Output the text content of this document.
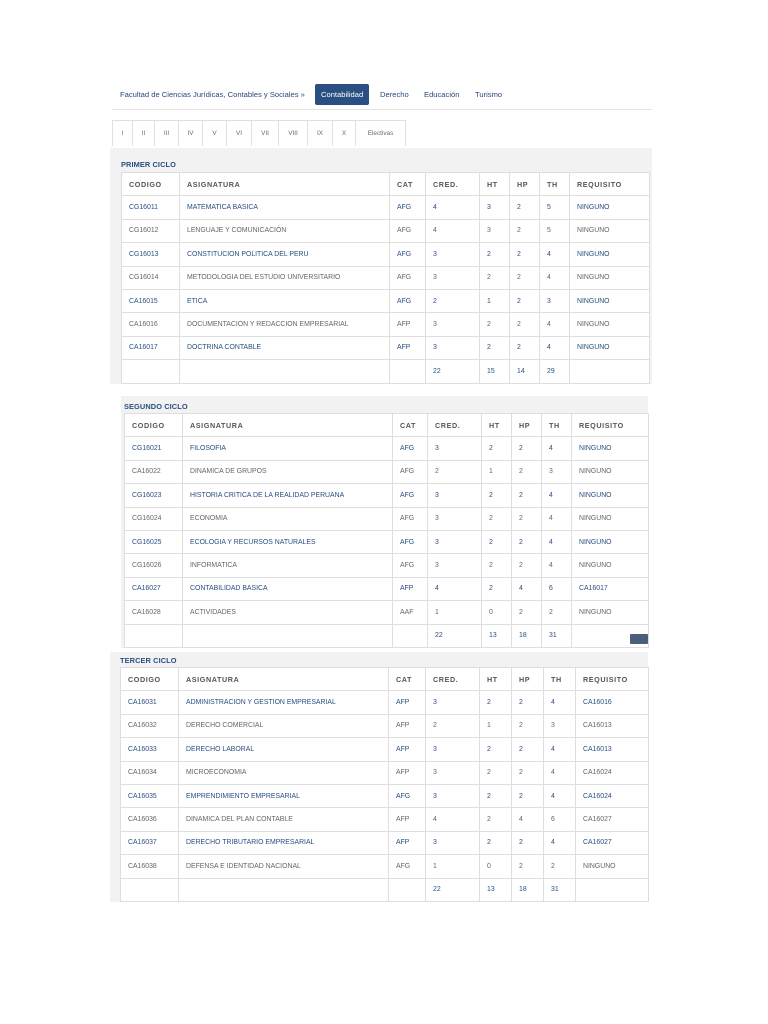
Facultad de Ciencias Jurídicas, Contables y Sociales »	Contabilidad	Derecho	Educación	Turismo
I	II	III	IV	V	VI	VII	VIII	IX	X	Electivas
PRIMER CICLO
CODIGO	ASIGNATURA	CAT	CRED.	HT	HP	TH	REQUISITO
CG16011	MATEMATICA BASICA	AFG	4	3	2	5	NINGUNO
CG16012	LENGUAJE Y COMUNICACIÓN	AFG	4	3	2	5	NINGUNO
CG16013	CONSTITUCION POLITICA DEL PERU	AFG	3	2	2	4	NINGUNO
CG16014	METODOLOGIA DEL ESTUDIO UNIVERSITARIO	AFG	3	2	2	4	NINGUNO
CA16015	ETICA	AFG	2	1	2	3	NINGUNO
CA16016	DOCUMENTACION Y REDACCION EMPRESARIAL	AFP	3	2	2	4	NINGUNO
CA16017	DOCTRINA CONTABLE	AFP	3	2	2	4	NINGUNO
			22	15	14	29	
SEGUNDO CICLO
CODIGO	ASIGNATURA	CAT	CRED.	HT	HP	TH	REQUISITO
CG16021	FILOSOFIA	AFG	3	2	2	4	NINGUNO
CA16022	DINAMICA DE GRUPOS	AFG	2	1	2	3	NINGUNO
CG16023	HISTORIA CRITICA DE LA REALIDAD PERUANA	AFG	3	2	2	4	NINGUNO
CG16024	ECONOMIA	AFG	3	2	2	4	NINGUNO
CG16025	ECOLOGIA Y RECURSOS NATURALES	AFG	3	2	2	4	NINGUNO
CG16026	INFORMATICA	AFG	3	2	2	4	NINGUNO
CA16027	CONTABILIDAD BASICA	AFP	4	2	4	6	CA16017
CA16028	ACTIVIDADES	AAF	1	0	2	2	NINGUNO
			22	13	18	31	
TERCER CICLO
CODIGO	ASIGNATURA	CAT	CRED.	HT	HP	TH	REQUISITO
CA16031	ADMINISTRACION Y GESTION EMPRESARIAL	AFP	3	2	2	4	CA16016
CA16032	DERECHO COMERCIAL	AFP	2	1	2	3	CA16013
CA16033	DERECHO LABORAL	AFP	3	2	2	4	CA16013
CA16034	MICROECONOMIA	AFP	3	2	2	4	CA16024
CA16035	EMPRENDIMIENTO EMPRESARIAL	AFG	3	2	2	4	CA16024
CA16036	DINAMICA DEL PLAN CONTABLE	AFP	4	2	4	6	CA16027
CA16037	DERECHO TRIBUTARIO EMPRESARIAL	AFP	3	2	2	4	CA16027
CA16038	DEFENSA E IDENTIDAD NACIONAL	AFG	1	0	2	2	NINGUNO
			22	13	18	31	
